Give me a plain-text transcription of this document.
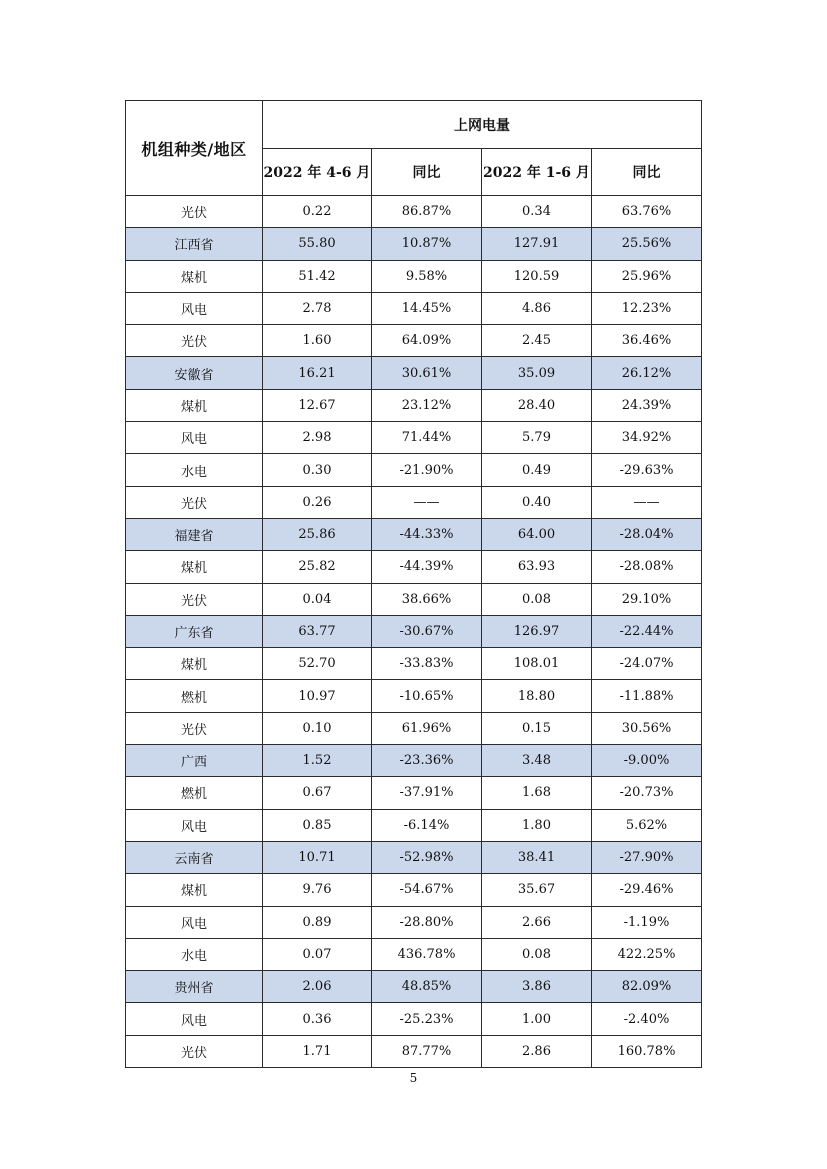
机组种类/地区	上网电量			
	2022 年 4-6 月	同比	2022 年 1-6 月	同比
光伏	0.22	86.87%	0.34	63.76%
江西省	55.80	10.87%	127.91	25.56%
煤机	51.42	9.58%	120.59	25.96%
风电	2.78	14.45%	4.86	12.23%
光伏	1.60	64.09%	2.45	36.46%
安徽省	16.21	30.61%	35.09	26.12%
煤机	12.67	23.12%	28.40	24.39%
风电	2.98	71.44%	5.79	34.92%
水电	0.30	-21.90%	0.49	-29.63%
光伏	0.26	——	0.40	——
福建省	25.86	-44.33%	64.00	-28.04%
煤机	25.82	-44.39%	63.93	-28.08%
光伏	0.04	38.66%	0.08	29.10%
广东省	63.77	-30.67%	126.97	-22.44%
煤机	52.70	-33.83%	108.01	-24.07%
燃机	10.97	-10.65%	18.80	-11.88%
光伏	0.10	61.96%	0.15	30.56%
广西	1.52	-23.36%	3.48	-9.00%
燃机	0.67	-37.91%	1.68	-20.73%
风电	0.85	-6.14%	1.80	5.62%
云南省	10.71	-52.98%	38.41	-27.90%
煤机	9.76	-54.67%	35.67	-29.46%
风电	0.89	-28.80%	2.66	-1.19%
水电	0.07	436.78%	0.08	422.25%
贵州省	2.06	48.85%	3.86	82.09%
风电	0.36	-25.23%	1.00	-2.40%
光伏	1.71	87.77%	2.86	160.78%
5
